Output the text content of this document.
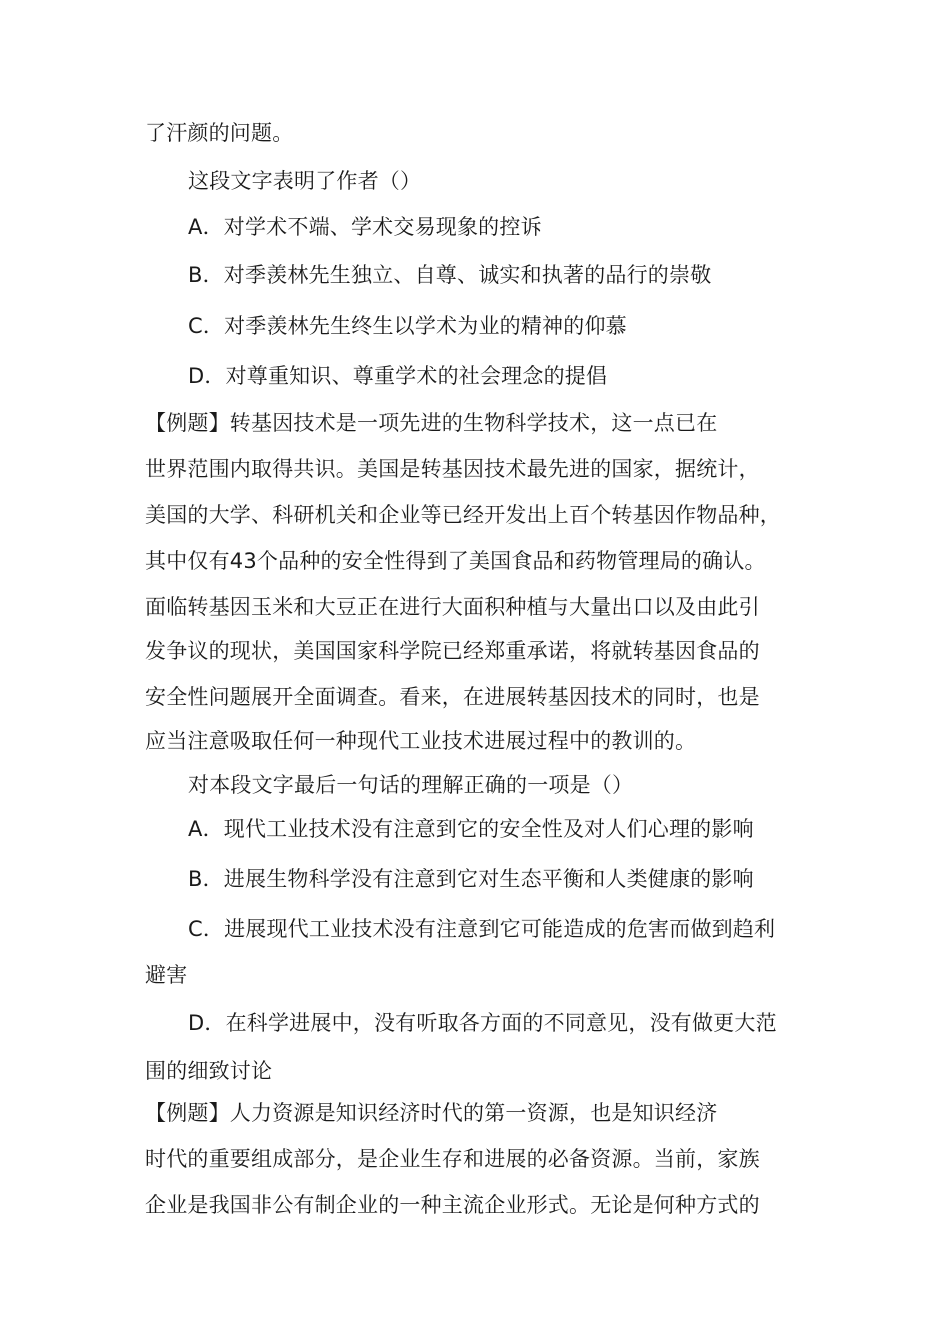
了汗颜的问题。
这段文字表明了作者（）
A．对学术不端、学术交易现象的控诉
B．对季羡林先生独立、自尊、诚实和执著的品行的崇敬
C．对季羡林先生终生以学术为业的精神的仰慕
D．对尊重知识、尊重学术的社会理念的提倡
【例题】转基因技术是一项先进的生物科学技术，这一点已在
世界范围内取得共识。美国是转基因技术最先进的国家，据统计，
美国的大学、科研机关和企业等已经开发出上百个转基因作物品种，
其中仅有43个品种的安全性得到了美国食品和药物管理局的确认。
面临转基因玉米和大豆正在进行大面积种植与大量出口以及由此引
发争议的现状，美国国家科学院已经郑重承诺，将就转基因食品的
安全性问题展开全面调查。看来，在进展转基因技术的同时，也是
应当注意吸取任何一种现代工业技术进展过程中的教训的。
对本段文字最后一句话的理解正确的一项是（）
A．现代工业技术没有注意到它的安全性及对人们心理的影响
B．进展生物科学没有注意到它对生态平衡和人类健康的影响
C．进展现代工业技术没有注意到它可能造成的危害而做到趋利
避害
D．在科学进展中，没有听取各方面的不同意见，没有做更大范
围的细致讨论
【例题】人力资源是知识经济时代的第一资源，也是知识经济
时代的重要组成部分，是企业生存和进展的必备资源。当前，家族
企业是我国非公有制企业的一种主流企业形式。无论是何种方式的
